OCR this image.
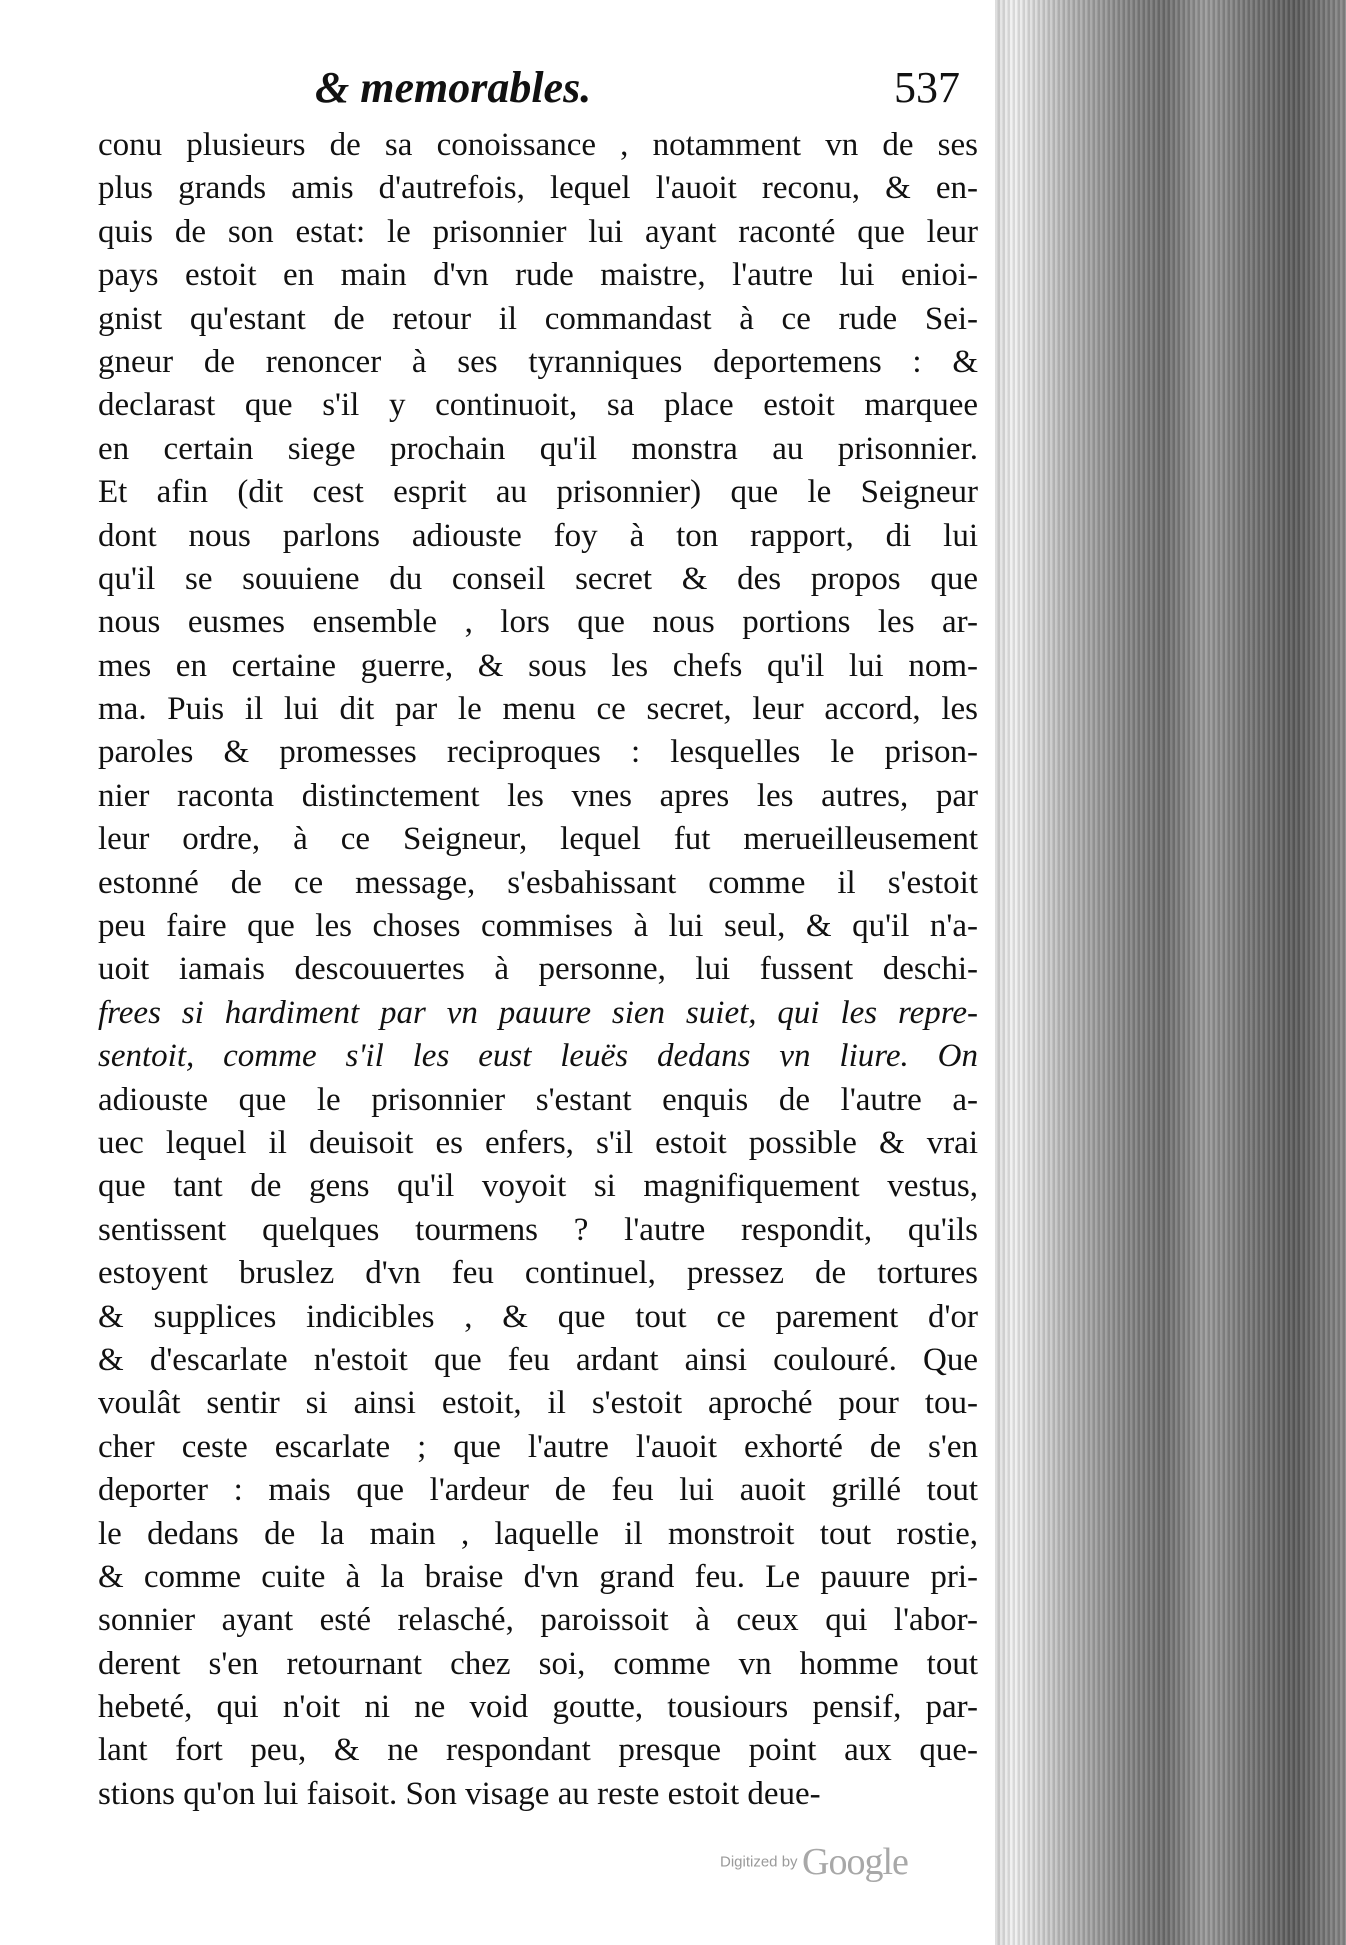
& memorables.	537
conu plusieurs de sa conoissance , notamment vn de ses
plus grands amis d'autrefois, lequel l'auoit reconu, & en-
quis de son estat: le prisonnier lui ayant raconté que leur
pays estoit en main d'vn rude maistre, l'autre lui enioi-
gnist qu'estant de retour il commandast à ce rude Sei-
gneur de renoncer à ses tyranniques deportemens : &
declarast que s'il y continuoit, sa place estoit marquee
en certain siege prochain qu'il monstra au prisonnier.
Et afin (dit cest esprit au prisonnier) que le Seigneur
dont nous parlons adiouste foy à ton rapport, di lui
qu'il se souuiene du conseil secret & des propos que
nous eusmes ensemble , lors que nous portions les ar-
mes en certaine guerre, & sous les chefs qu'il lui nom-
ma. Puis il lui dit par le menu ce secret, leur accord, les
paroles & promesses reciproques : lesquelles le prison-
nier raconta distinctement les vnes apres les autres, par
leur ordre, à ce Seigneur, lequel fut merueilleusement
estonné de ce message, s'esbahissant comme il s'estoit
peu faire que les choses commises à lui seul, & qu'il n'a-
uoit iamais descouuertes à personne, lui fussent deschi-
frees si hardiment par vn pauure sien suiet, qui les repre-
sentoit, comme s'il les eust leuës dedans vn liure. On
adiouste que le prisonnier s'estant enquis de l'autre a-
uec lequel il deuisoit es enfers, s'il estoit possible & vrai
que tant de gens qu'il voyoit si magnifiquement vestus,
sentissent quelques tourmens ? l'autre respondit, qu'ils
estoyent bruslez d'vn feu continuel, pressez de tortures
& supplices indicibles , & que tout ce parement d'or
& d'escarlate n'estoit que feu ardant ainsi coulouré. Que
voulât sentir si ainsi estoit, il s'estoit aproché pour tou-
cher ceste escarlate ; que l'autre l'auoit exhorté de s'en
deporter : mais que l'ardeur de feu lui auoit grillé tout
le dedans de la main , laquelle il monstroit tout rostie,
& comme cuite à la braise d'vn grand feu. Le pauure pri-
sonnier ayant esté relasché, paroissoit à ceux qui l'abor-
derent s'en retournant chez soi, comme vn homme tout
hebeté, qui n'oit ni ne void goutte, tousiours pensif, par-
lant fort peu, & ne respondant presque point aux que-
stions qu'on lui faisoit. Son visage au reste estoit deue-
Digitized by Google
